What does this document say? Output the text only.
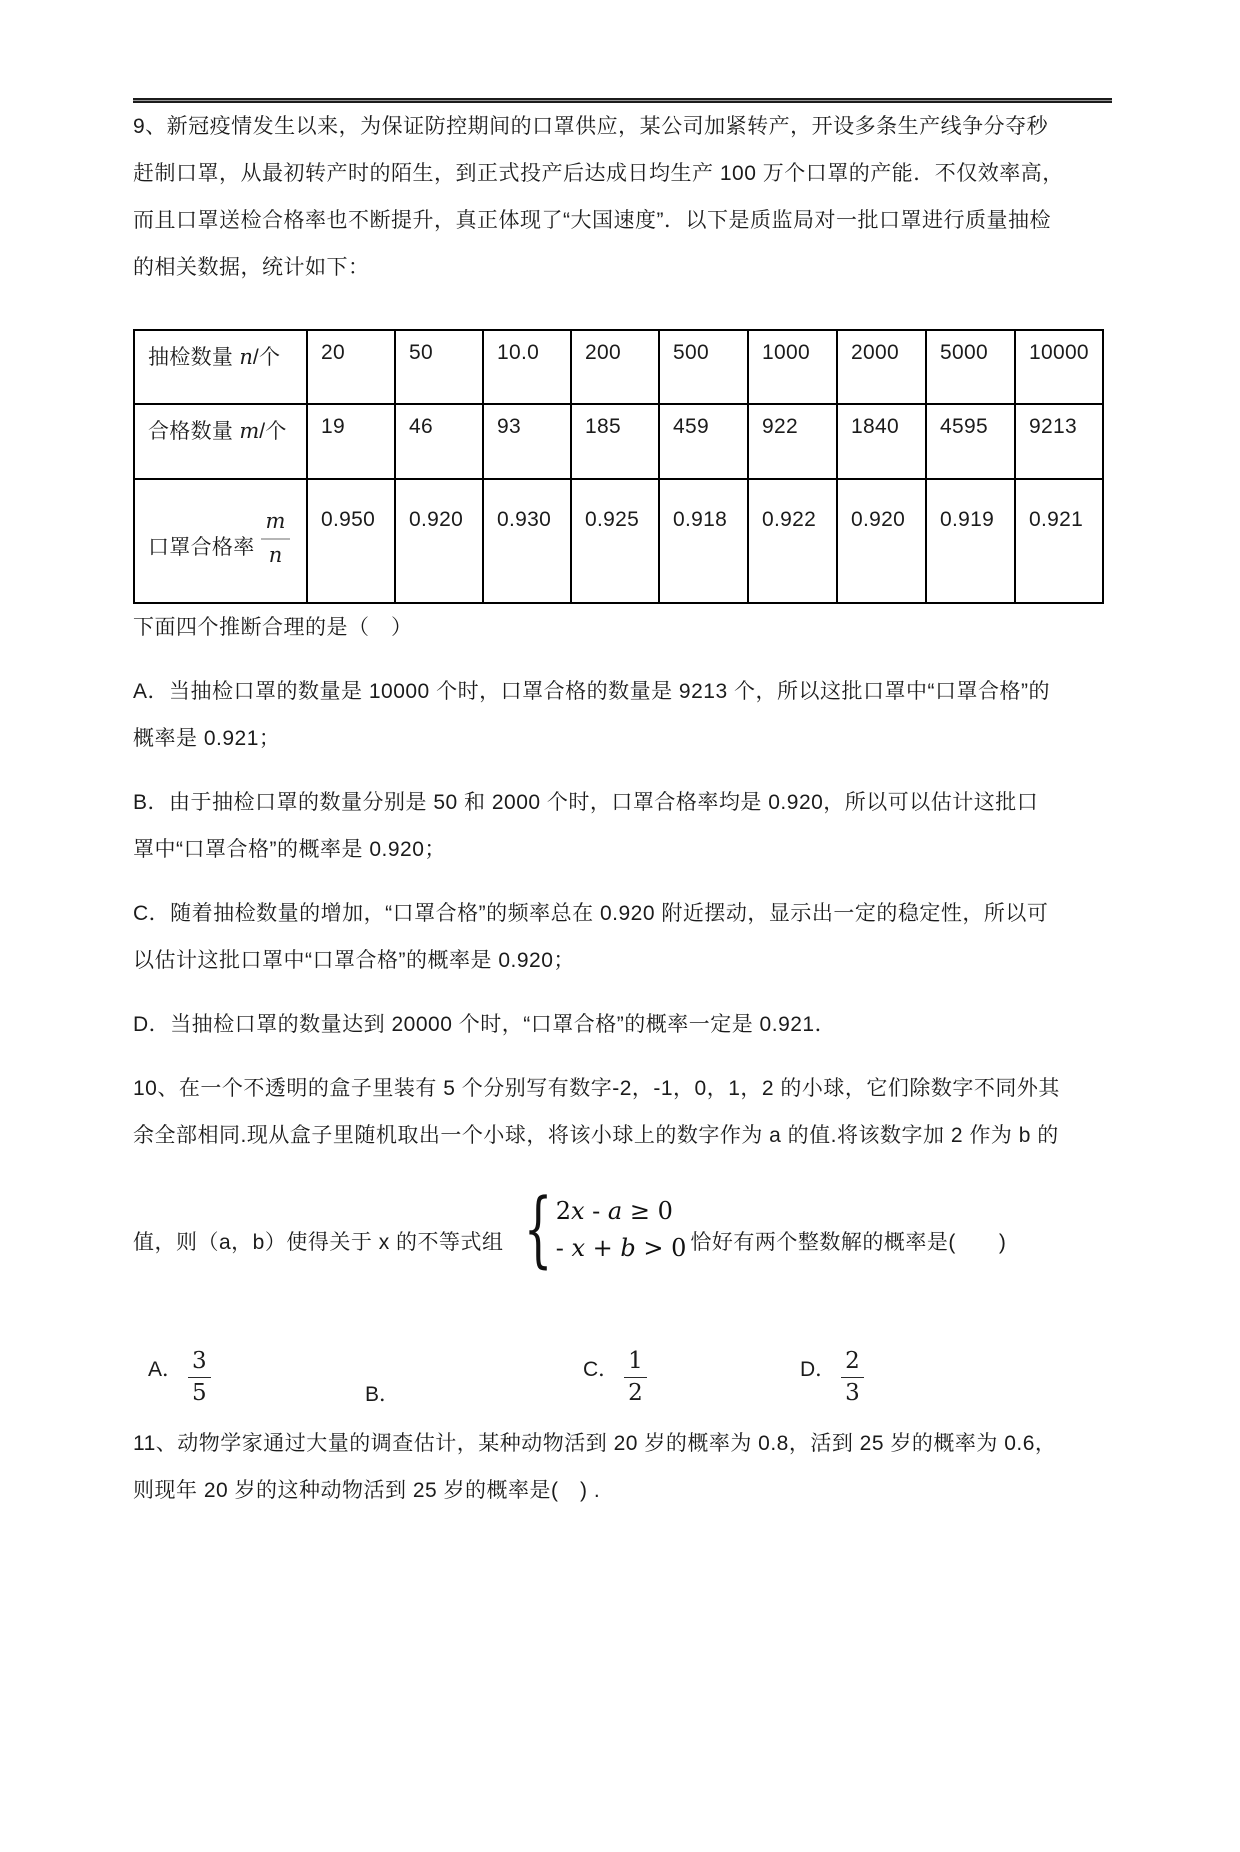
9、新冠疫情发生以来，为保证防控期间的口罩供应，某公司加紧转产，开设多条生产线争分夺秒
赶制口罩，从最初转产时的陌生，到正式投产后达成日均生产 100 万个口罩的产能．不仅效率高，
而且口罩送检合格率也不断提升，真正体现了“大国速度”．以下是质监局对一批口罩进行质量抽检
的相关数据，统计如下：

抽检数量 n/个	20	50	10.0	200	500	1000	2000	5000	10000
合格数量 m/个	19	46	93	185	459	922	1840	4595	9213
口罩合格率 $\frac{m}{n}$	0.950	0.920	0.930	0.925	0.918	0.922	0.920	0.919	0.921

下面四个推断合理的是（　）

A．当抽检口罩的数量是 10000 个时，口罩合格的数量是 9213 个，所以这批口罩中“口罩合格”的
概率是 0.921；

B．由于抽检口罩的数量分别是 50 和 2000 个时，口罩合格率均是 0.920，所以可以估计这批口
罩中“口罩合格”的概率是 0.920；

C．随着抽检数量的增加，“口罩合格”的频率总在 0.920 附近摆动，显示出一定的稳定性，所以可
以估计这批口罩中“口罩合格”的概率是 0.920；

D．当抽检口罩的数量达到 20000 个时，“口罩合格”的概率一定是 0.921．

10、在一个不透明的盒子里装有 5 个分别写有数字-2，-1，0，1，2 的小球，它们除数字不同外其
余全部相同.现从盒子里随机取出一个小球，将该小球上的数字作为 a 的值.将该数字加 2 作为 b 的

值，则（a，b）使得关于 x 的不等式组 { 2x - a ≥ 0
- x + b > 0 恰好有两个整数解的概率是(　　)
A． $\frac{3}{5}$	B．
C． $\frac{1}{2}$	D． $\frac{2}{3}$

11、动物学家通过大量的调查估计，某种动物活到 20 岁的概率为 0.8，活到 25 岁的概率为 0.6，
则现年 20 岁的这种动物活到 25 岁的概率是(　) .
